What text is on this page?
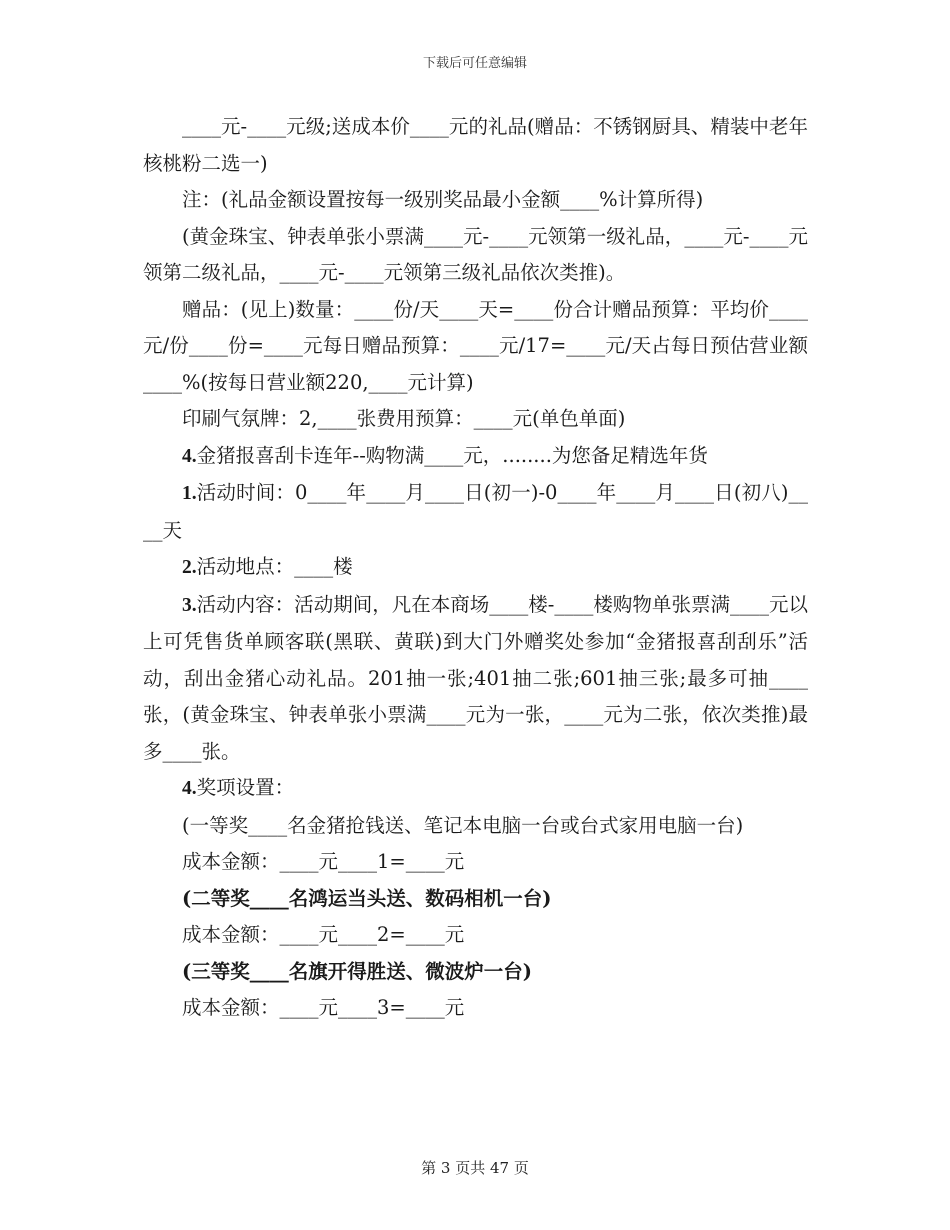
下载后可任意编辑

____元-____元级;送成本价____元的礼品(赠品：不锈钢厨具、精装中老年核桃粉二选一)

注：(礼品金额设置按每一级别奖品最小金额____%计算所得)

(黄金珠宝、钟表单张小票满____元-____元领第一级礼品，____元-____元领第二级礼品，____元-____元领第三级礼品依次类推)。

赠品：(见上)数量：____份/天____天=____份合计赠品预算：平均价____元/份____份=____元每日赠品预算：____元/17=____元/天占每日预估营业额____%(按每日营业额220,____元计算)

印刷气氛牌：2,____张费用预算：____元(单色单面)

4.金猪报喜刮卡连年--购物满____元，........为您备足精选年货

1.活动时间：0____年____月____日(初一)-0____年____月____日(初八)____天

2.活动地点：____楼

3.活动内容：活动期间，凡在本商场____楼-____楼购物单张票满____元以上可凭售货单顾客联(黑联、黄联)到大门外赠奖处参加“金猪报喜刮刮乐”活动，刮出金猪心动礼品。201抽一张;401抽二张;601抽三张;最多可抽____张，(黄金珠宝、钟表单张小票满____元为一张，____元为二张，依次类推)最多____张。

4.奖项设置：

(一等奖____名金猪抢钱送、笔记本电脑一台或台式家用电脑一台)

成本金额：____元____1=____元

(二等奖____名鸿运当头送、数码相机一台)

成本金额：____元____2=____元

(三等奖____名旗开得胜送、微波炉一台)

成本金额：____元____3=____元

第 3 页共 47 页
